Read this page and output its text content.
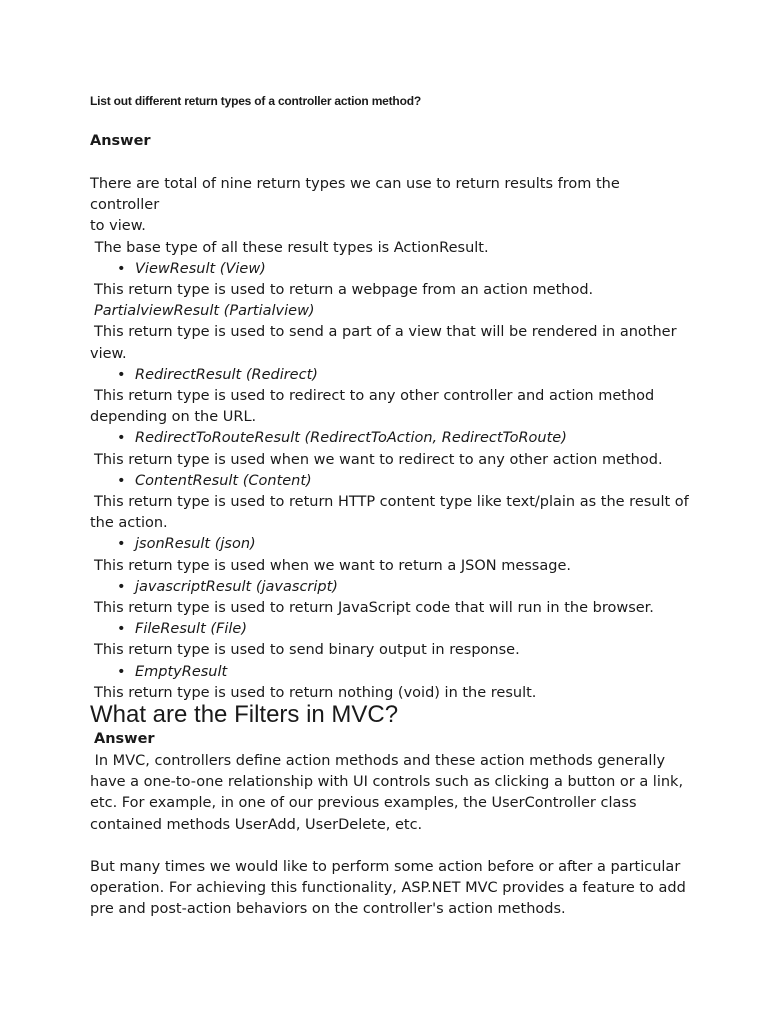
List out different return types of a controller action method?
Answer

There are total of nine return types we can use to return results from the controller

to view.

The base type of all these result types is ActionResult.

• ViewResult (View)
This return type is used to return a webpage from an action method.
PartialviewResult (Partialview)
This return type is used to send a part of a view that will be rendered in another
view.
• RedirectResult (Redirect)
This return type is used to redirect to any other controller and action method
depending on the URL.
• RedirectToRouteResult (RedirectToAction, RedirectToRoute)
This return type is used when we want to redirect to any other action method.
• ContentResult (Content)
This return type is used to return HTTP content type like text/plain as the result of
the action.
• jsonResult (json)
This return type is used when we want to return a JSON message.
• javascriptResult (javascript)
This return type is used to return JavaScript code that will run in the browser.
• FileResult (File)
This return type is used to send binary output in response.
• EmptyResult
This return type is used to return nothing (void) in the result.
What are the Filters in MVC?
Answer
In MVC, controllers define action methods and these action methods generally
have a one-to-one relationship with UI controls such as clicking a button or a link,
etc. For example, in one of our previous examples, the UserController class
contained methods UserAdd, UserDelete, etc.
But many times we would like to perform some action before or after a particular
operation. For achieving this functionality, ASP.NET MVC provides a feature to add
pre and post-action behaviors on the controller's action methods.
